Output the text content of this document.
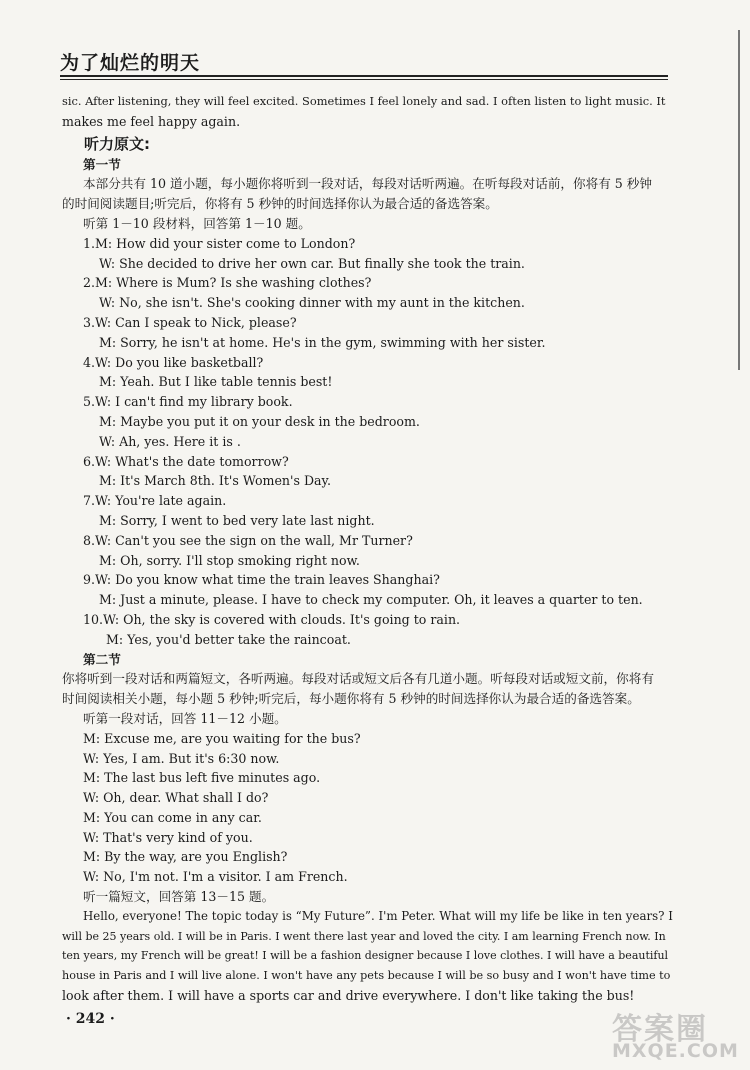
为了灿烂的明天

sic. After listening, they will feel excited. Sometimes I feel lonely and sad. I often listen to light music. It

makes me feel happy again.

听力原文:
第一节

本部分共有 10 道小题，每小题你将听到一段对话，每段对话听两遍。在听每段对话前，你将有 5 秒钟

的时间阅读题目;听完后，你将有 5 秒钟的时间选择你认为最合适的备选答案。

听第 1－10 段材料，回答第 1－10 题。

1.M: How did your sister come to London?

W: She decided to drive her own car. But finally she took the train.

2.M: Where is Mum? Is she washing clothes?

W: No, she isn't. She's cooking dinner with my aunt in the kitchen.

3.W: Can I speak to Nick, please?

M: Sorry, he isn't at home. He's in the gym, swimming with her sister.

4.W: Do you like basketball?

M: Yeah. But I like table tennis best!

5.W: I can't find my library book.

M: Maybe you put it on your desk in the bedroom.

W: Ah, yes. Here it is .

6.W: What's the date tomorrow?

M: It's March 8th. It's Women's Day.

7.W: You're late again.

M: Sorry, I went to bed very late last night.

8.W: Can't you see the sign on the wall, Mr Turner?

M: Oh, sorry. I'll stop smoking right now.

9.W: Do you know what time the train leaves Shanghai?

M: Just a minute, please. I have to check my computer. Oh, it leaves a quarter to ten.

10.W: Oh, the sky is covered with clouds. It's going to rain.

M: Yes, you'd better take the raincoat.

第二节

你将听到一段对话和两篇短文，各听两遍。每段对话或短文后各有几道小题。听每段对话或短文前，你将有

时间阅读相关小题，每小题 5 秒钟;听完后，每小题你将有 5 秒钟的时间选择你认为最合适的备选答案。

听第一段对话，回答 11－12 小题。

M: Excuse me, are you waiting for the bus?

W: Yes, I am. But it's 6:30 now.

M: The last bus left five minutes ago.

W: Oh, dear. What shall I do?

M: You can come in any car.

W: That's very kind of you.

M: By the way, are you English?

W: No, I'm not. I'm a visitor. I am French.

听一篇短文，回答第 13－15 题。

Hello, everyone! The topic today is “My Future”. I'm Peter. What will my life be like in ten years? I

will be 25 years old. I will be in Paris. I went there last year and loved the city. I am learning French now. In

ten years, my French will be great! I will be a fashion designer because I love clothes. I will have a beautiful

house in Paris and I will live alone. I won't have any pets because I will be so busy and I won't have time to

look after them. I will have a sports car and drive everywhere. I don't like taking the bus!

· 242 ·	答案圈
MXQE.COM
